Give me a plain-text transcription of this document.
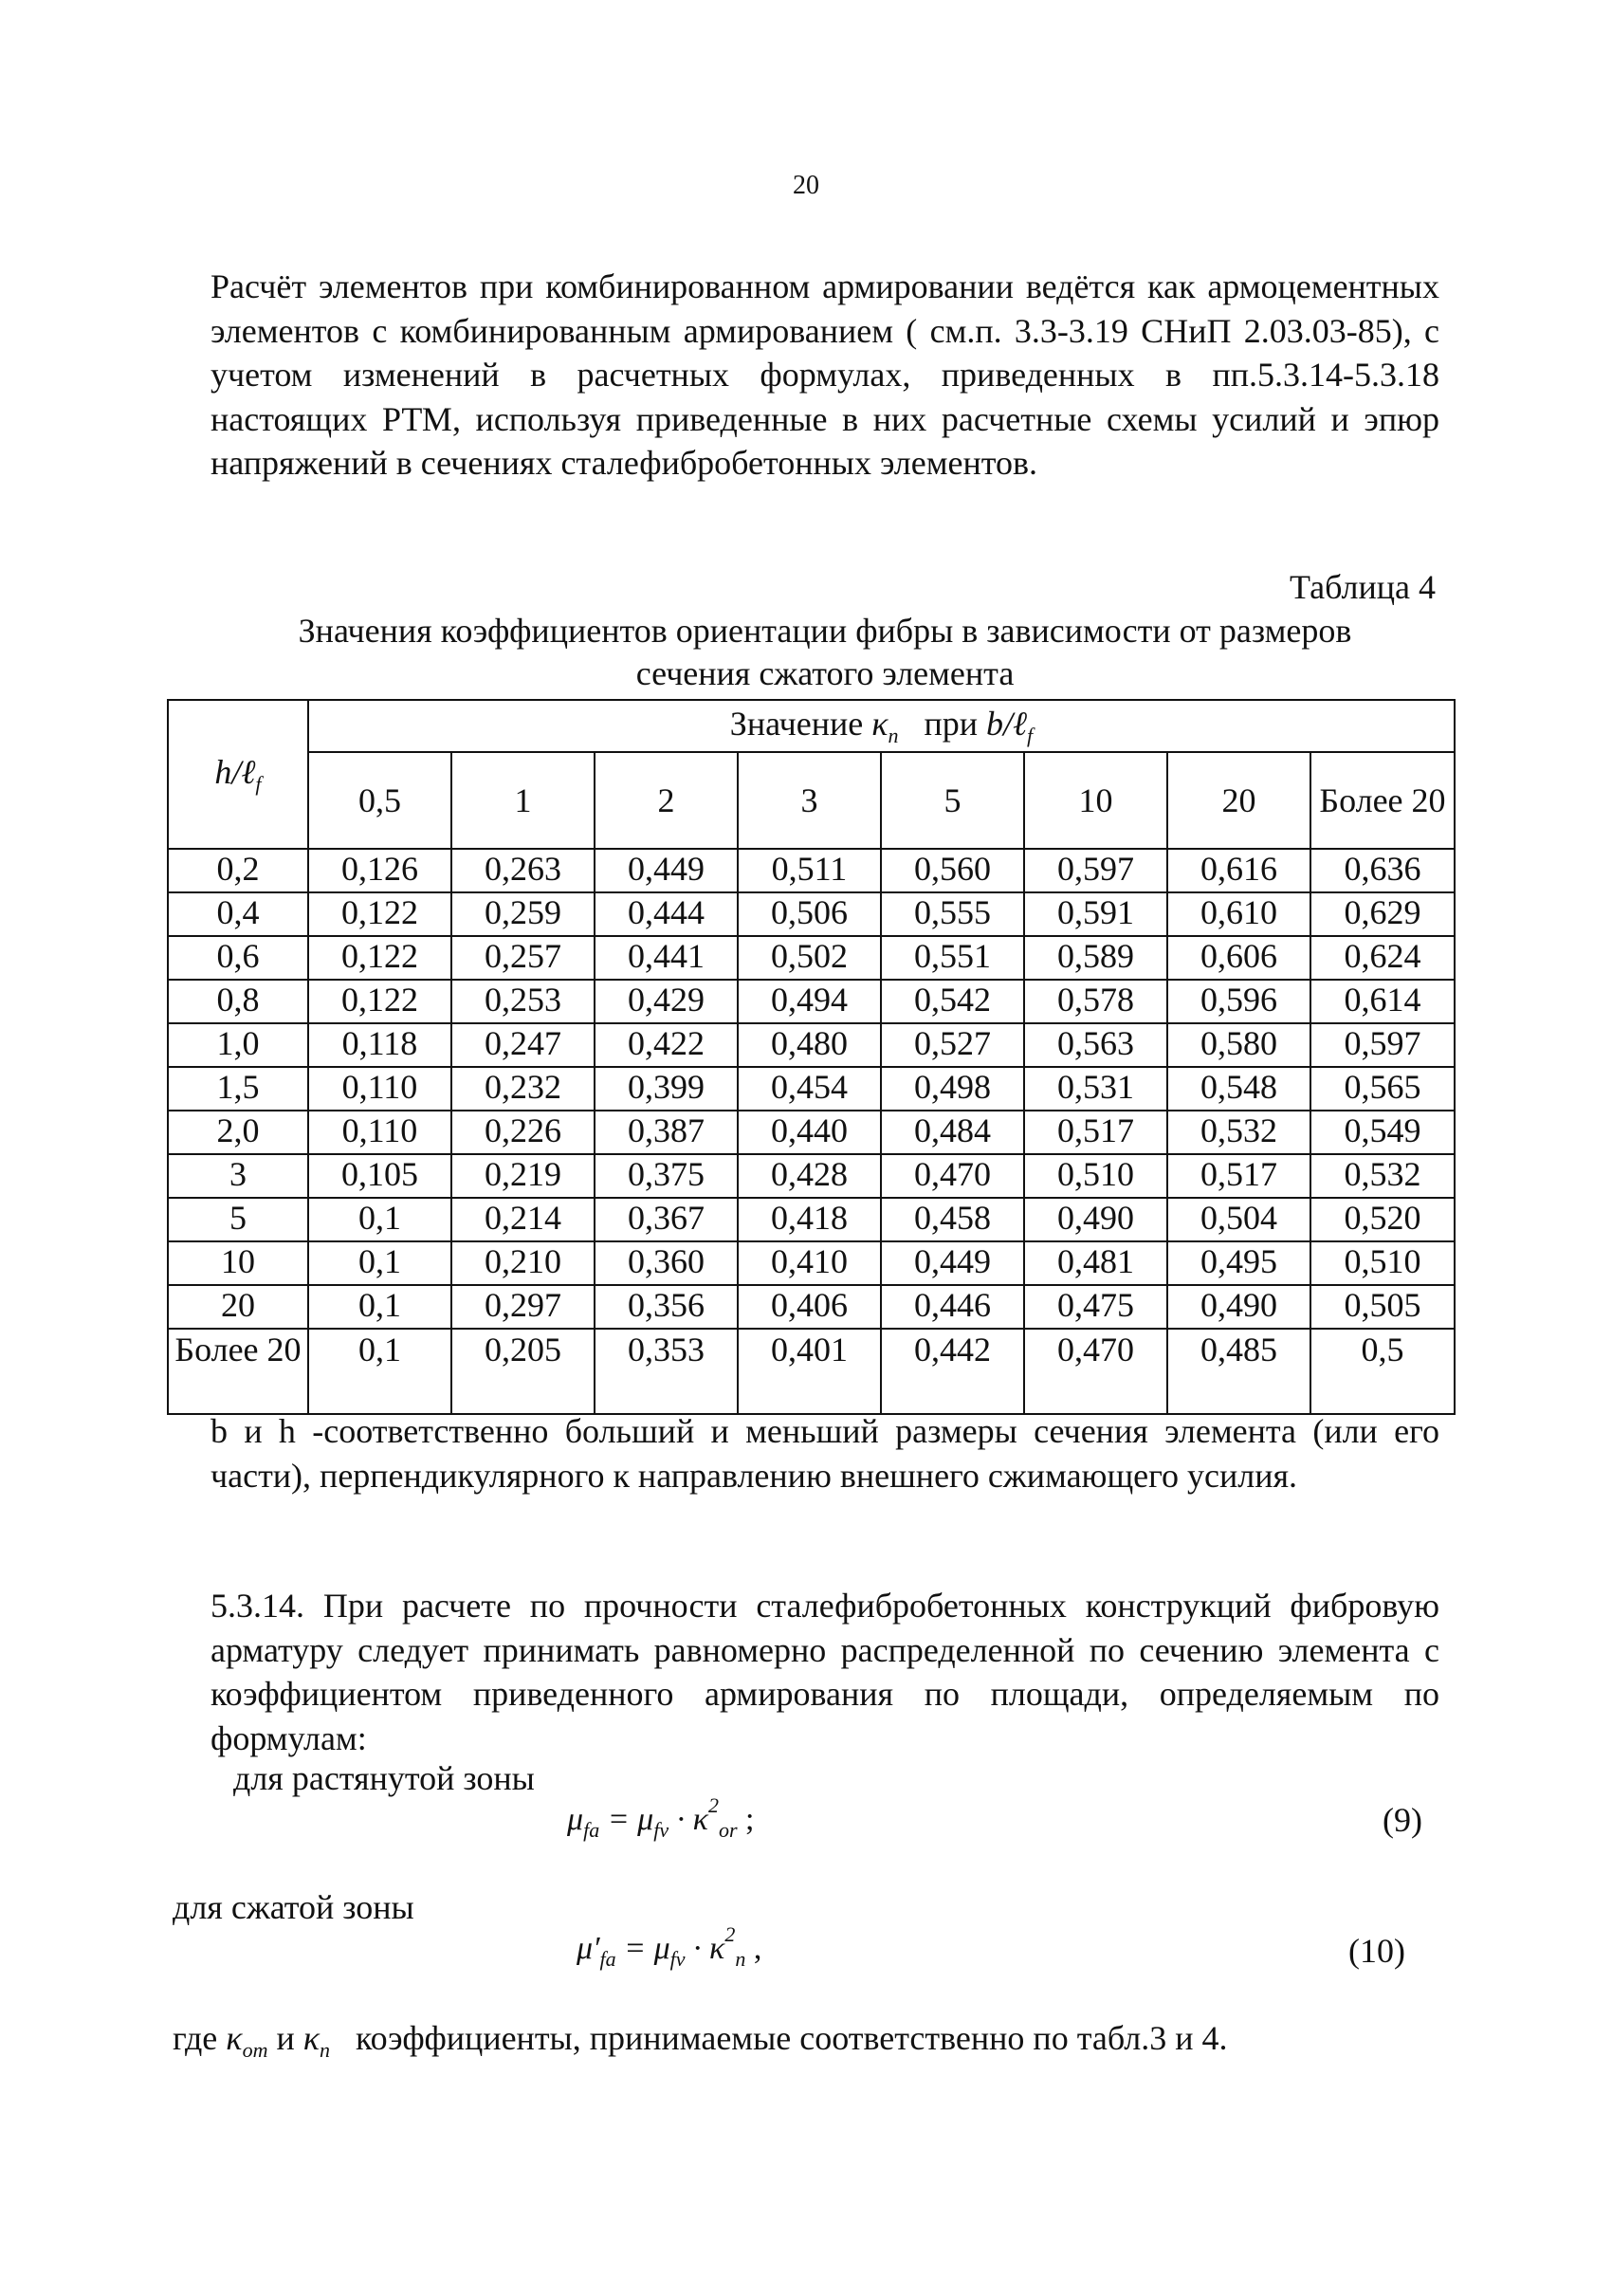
20

Расчёт элементов при комбинированном армировании ведётся как армоцементных элементов с комбинированным армированием ( см.п. 3.3-3.19 СНиП 2.03.03-85), с учетом изменений в расчетных формулах, приведенных в пп.5.3.14-5.3.18 настоящих РТМ, используя приведенные в них расчетные схемы усилий и эпюр напряжений в сечениях сталефибробетонных элементов.

Таблица 4
Значения коэффициентов ориентации фибры в зависимости от размеров
сечения сжатого элемента
h/ℓ$_f$	Значение $\kappa_n$   при b/ℓ$_f$
	0,5	1	2	3	5	10	20	Более 20
0,2	0,126	0,263	0,449	0,511	0,560	0,597	0,616	0,636
0,4	0,122	0,259	0,444	0,506	0,555	0,591	0,610	0,629
0,6	0,122	0,257	0,441	0,502	0,551	0,589	0,606	0,624
0,8	0,122	0,253	0,429	0,494	0,542	0,578	0,596	0,614
1,0	0,118	0,247	0,422	0,480	0,527	0,563	0,580	0,597
1,5	0,110	0,232	0,399	0,454	0,498	0,531	0,548	0,565
2,0	0,110	0,226	0,387	0,440	0,484	0,517	0,532	0,549
3	0,105	0,219	0,375	0,428	0,470	0,510	0,517	0,532
5	0,1	0,214	0,367	0,418	0,458	0,490	0,504	0,520
10	0,1	0,210	0,360	0,410	0,449	0,481	0,495	0,510
20	0,1	0,297	0,356	0,406	0,446	0,475	0,490	0,505
Более 20	0,1	0,205	0,353	0,401	0,442	0,470	0,485	0,5

b и h -соответственно больший и меньший размеры сечения элемента (или его части), перпендикулярного к направлению внешнего сжимающего усилия.

5.3.14. При расчете по прочности сталефибробетонных конструкций фибровую арматуру следует принимать равномерно распределенной по сечению элемента с коэффициентом приведенного армирования по площади, определяемым по формулам:

для растянутой зоны
$\mu_{fa} = \mu_{fv} \cdot \kappa^2_{or}$ ;	(9)
для сжатой зоны
$\mu'_{fa} = \mu_{fv} \cdot \kappa^2_n$ ,	(10)
где $\kappa_{от}$ и $\kappa_n$   коэффициенты, принимаемые соответственно по табл.3 и 4.
